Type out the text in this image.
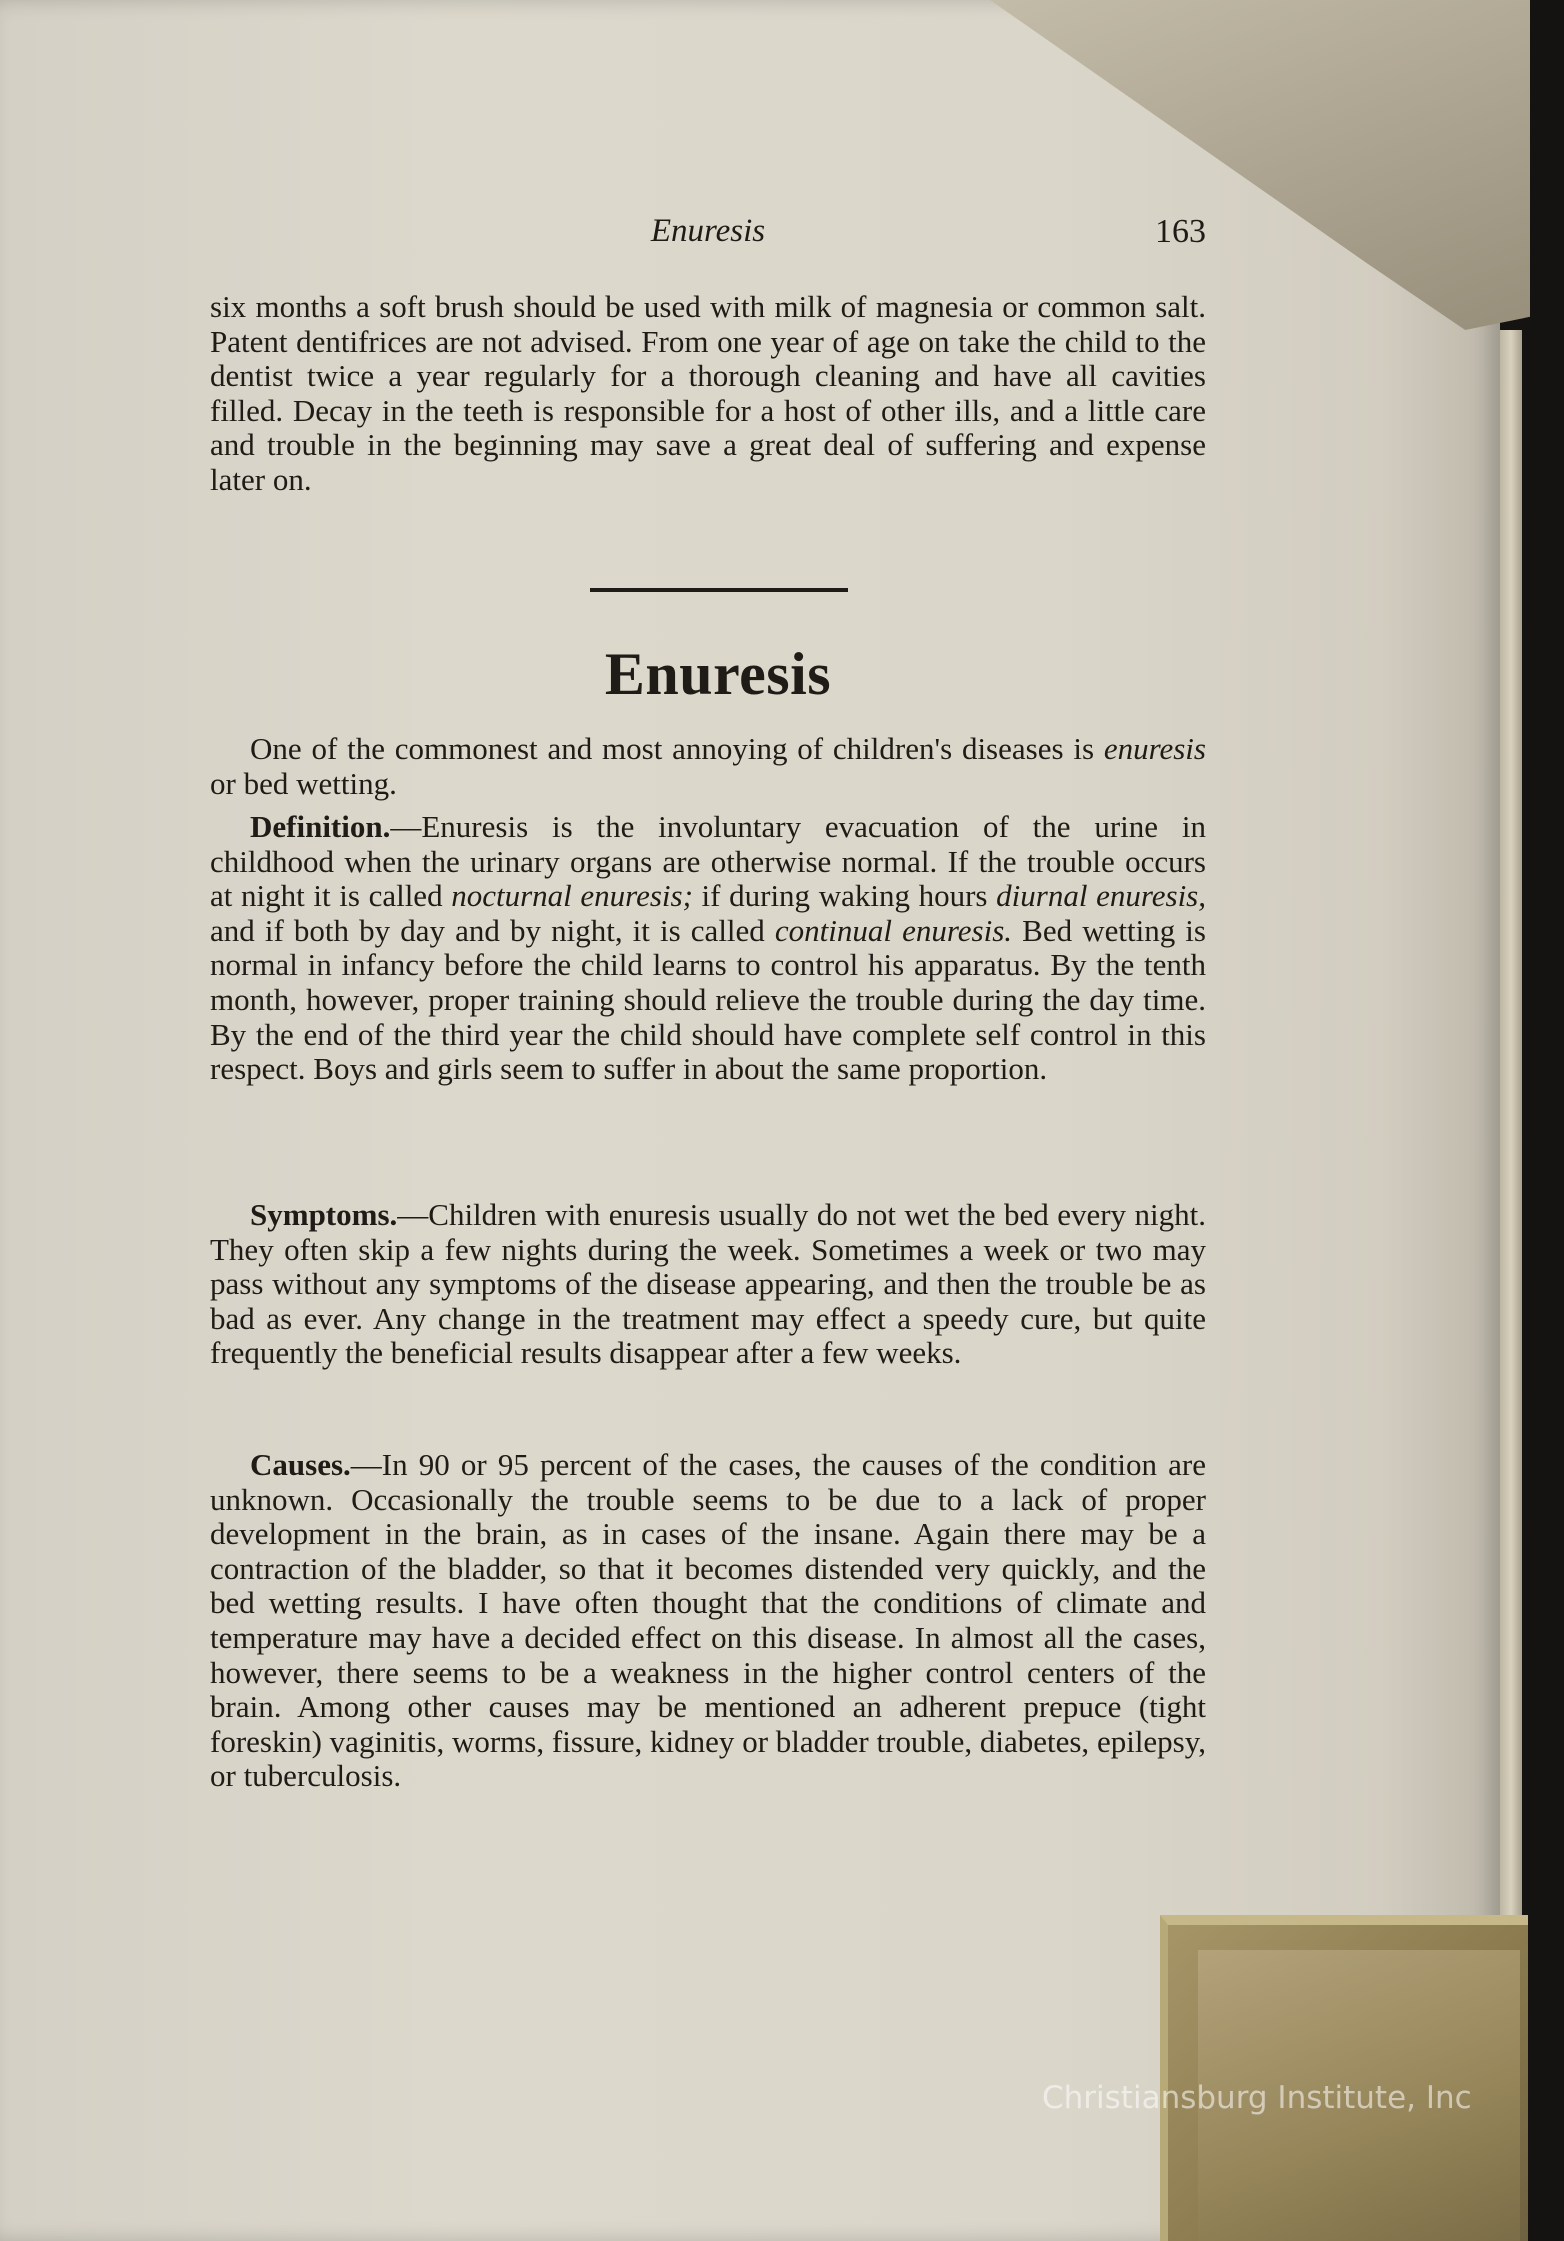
Enuresis	163

six months a soft brush should be used with milk of magnesia or common salt. Patent dentifrices are not advised. From one year of age on take the child to the dentist twice a year regularly for a thorough cleaning and have all cavities filled. Decay in the teeth is responsible for a host of other ills, and a little care and trouble in the beginning may save a great deal of suffering and expense later on.

Enuresis

One of the commonest and most annoying of children's diseases is enuresis or bed wetting.

Definition.—Enuresis is the involuntary evacuation of the urine in childhood when the urinary organs are otherwise normal. If the trouble occurs at night it is called nocturnal enuresis; if during waking hours diurnal enuresis, and if both by day and by night, it is called continual enuresis. Bed wetting is normal in infancy before the child learns to control his apparatus. By the tenth month, however, proper training should relieve the trouble during the day time. By the end of the third year the child should have complete self control in this respect. Boys and girls seem to suffer in about the same proportion.

Symptoms.—Children with enuresis usually do not wet the bed every night. They often skip a few nights during the week. Sometimes a week or two may pass without any symptoms of the disease appearing, and then the trouble be as bad as ever. Any change in the treatment may effect a speedy cure, but quite frequently the beneficial results disappear after a few weeks.

Causes.—In 90 or 95 percent of the cases, the causes of the condition are unknown. Occasionally the trouble seems to be due to a lack of proper development in the brain, as in cases of the insane. Again there may be a contraction of the bladder, so that it becomes distended very quickly, and the bed wetting results. I have often thought that the conditions of climate and temperature may have a decided effect on this disease. In almost all the cases, however, there seems to be a weakness in the higher control centers of the brain. Among other causes may be mentioned an adherent prepuce (tight foreskin) vaginitis, worms, fissure, kidney or bladder trouble, diabetes, epilepsy, or tuberculosis.

Christiansburg Institute, Inc
